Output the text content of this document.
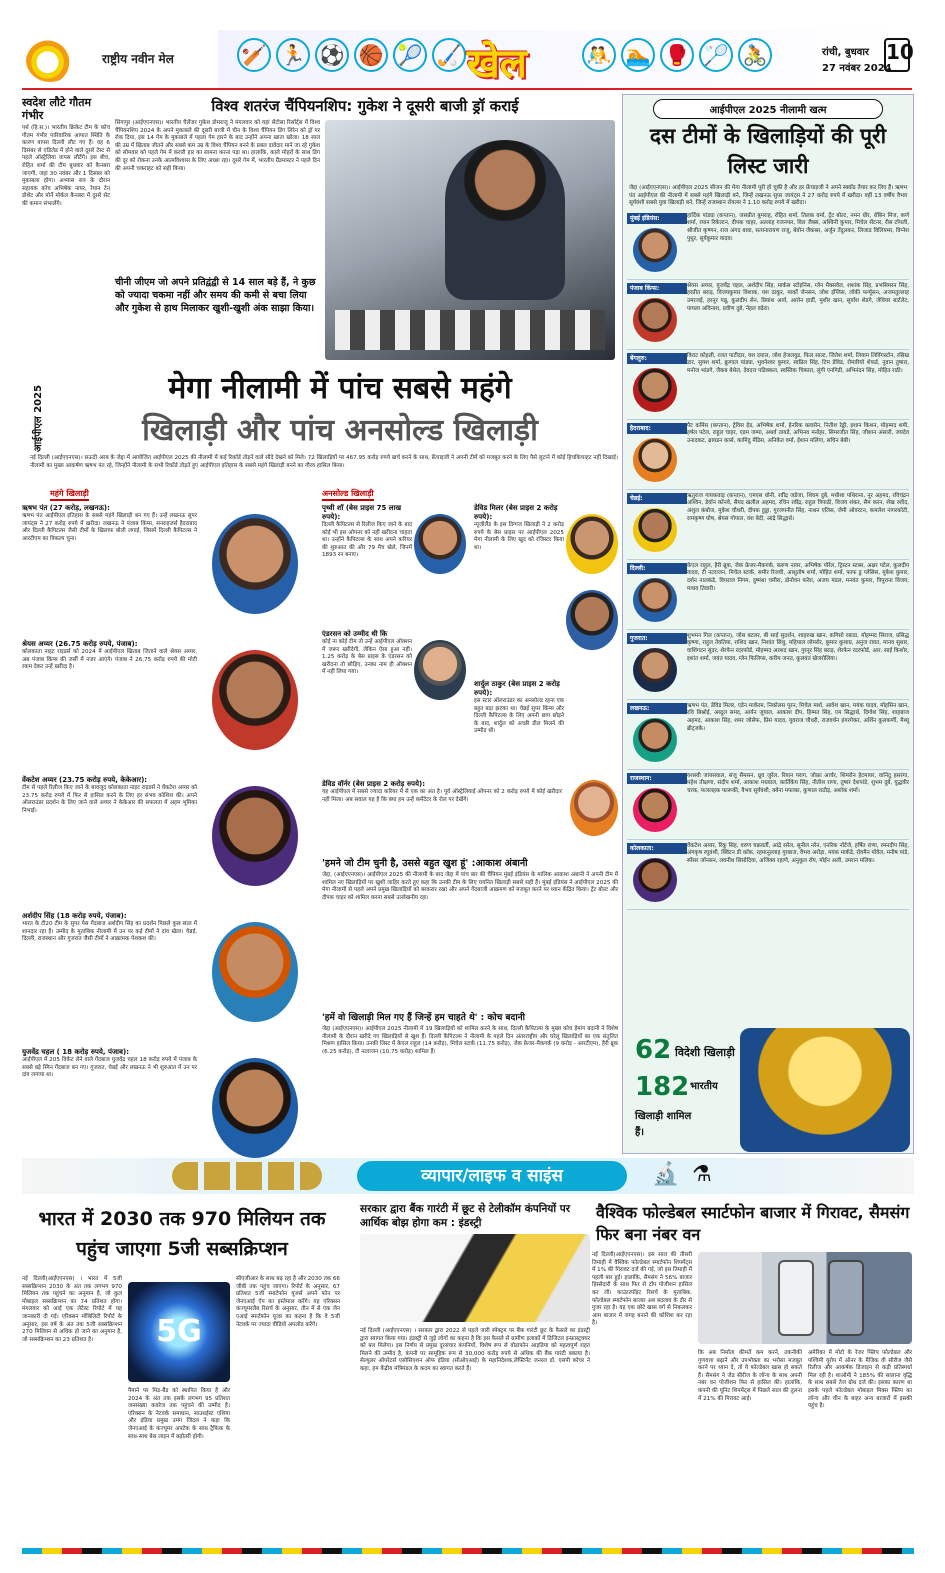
राष्ट्रीय नवीन मेल	🏏 🏃 ⚽ 🏀 🎾 🏑 खेल	🤼 🏊 🥊 🏸 🚴	रांची, बुधवार
27 नवंबर 2024
10
स्वदेश लौटे गौतम गंभीर
पर्थ (हि.स.)। भारतीय क्रिकेट टीम के कोच गौतम गंभीर पारिवारिक आपात स्थिति के कारण वापस दिल्ली लौट गए हैं। वह 6 दिसंबर से एडिलेड में होने वाले दूसरे टेस्ट से पहले ऑस्ट्रेलिया वापस लौटेंगे। इस बीच, रोहित शर्मा की टीम बुधवार को कैनबरा जाएगी, जहां 30 नवंबर और 1 दिसंबर को मुकाबला होगा। अभ्यास सत्र के दौरान सहायक कोच अभिषेक नायर, रेयान टेन डोशेट और मोर्ने मोर्कल कैनबरा में दुसरे सेट की कमान संभालेंगे।
विश्व शतरंज चैंपियनशिप: गुकेश ने दूसरी बाजी ड्रॉ कराई
सिंगापुर (आईएएनएस)। भारतीय चैलेंजर गुकेश डोमराजू ने मंगलवार को यहां सेंटोसा रिसॉर्ट्स में विश्व चैंपियनशिप 2024 के अपने मुकाबले की दूसरी बाजी में चीन के विश्व चैंपियन डिंग लिरेन को ड्रॉ पर रोक दिया, इस 14 गेम के मुकाबले में पहला गेम हारने के बाद उन्होंने अपना खाता खोला। 18 साल की उम्र में खिताब जीतने और सबसे कम उम्र के विश्व चैंपियन बनने के प्रबल दावेदार माने जा रहे गुकेश को सोमवार को पहले गेम में करारी हार का सामना करना पड़ा था। हालांकि, काले मोहरों के साथ डिंग की दूर को रोकना उनके आत्मविश्वास के लिए अच्छा रहा। दूसरे गेम में, भारतीय ग्रैंडमास्टर ने पहले दिन की अपनी चकराहट को सही किया।
चीनी जीएम जो अपने प्रतिद्वंद्वी से 14 साल बड़े हैं, ने कुछ को ज्यादा चकमा नहीं और समय की कमी से बचा लिया और गुकेश से हाथ मिलाकर खुशी-खुशी अंक साझा किया।
आईपीएल 2025	मेगा नीलामी में पांच सबसे महंगे
खिलाड़ी और पांच अनसोल्ड खिलाड़ी
नई दिल्ली (आईएएनएस)। सऊदी अरब के जेद्दा में आयोजित आईपीएल 2025 की नीलामी में कई रिकॉर्ड तोड़ने वाले सौदे देखने को मिले। 72 खिलाड़ियों पर 467.95 करोड़ रुपये खर्च करने के साथ, फ्रेंचाइजी ने अपनी टीमें को मजबूत करने के लिए पैसे लुटाने में कोई हिचकिचाहट नहीं दिखाई। नीलामी का मुख्य आकर्षण ऋषभ पंत रहे, जिन्होंने नीलामी के सभी रिकॉर्ड तोड़ते हुए आईपीएल इतिहास के सबसे महंगे खिलाड़ी बनने का गौरव हासिल किया।
महंगे खिलाड़ी	अनसोल्ड खिलाड़ी
ऋषभ पंत (27 करोड़, लखनऊ):
ऋषभ पंत आईपीएल इतिहास के सबसे महंगे खिलाड़ी बन गए हैं। उन्हें लखनऊ सुपर जायंट्स ने 27 करोड़ रुपये में खरीदा। लखनऊ ने पंजाब किंग्स, सनराइजर्स हैदराबाद और दिल्ली कैपिटल्स जैसी टीमों के खिलाफ बोली लगाई, जिसमें दिल्ली कैपिटल्स ने आरटीएम का विकल्प चुना।
श्रेयस अय्यर (26.75 करोड़ रुपये, पंजाब):
कोलकाता नाइट राइडर्स को 2024 में आईपीएल खिताब जिताने वाले श्रेयस अय्यर, अब पंजाब किंग्स की जर्सी में नजर आएंगे। पंजाब ने 26.75 करोड़ रुपये की मोटी रकम देकर उन्हें खरीदा है।
वेंकटेश अय्यर (23.75 करोड़ रुपये, केकेआर):
टीम से पहले रिलीज किए जाने के बावजूद कोलकाता नाइट राइडर्स ने वेंकटेश अय्यर को 23.75 करोड़ रुपये में फिर से हासिल करने के लिए हर संभव कोशिश की। अपने ऑलराउंडर प्रदर्शन के लिए जाने वाले अय्यर ने केकेआर की सफलता में अहम भूमिका निभाई।
अर्शदीप सिंह (18 करोड़ रुपये, पंजाब):
भारत के टी20 टीम के सुपर पेस गेंदबाज अर्शदीप सिंह का प्रदर्शन पिछले कुछ साल में शानदार रहा है। उम्मीद के मुताबिक नीलामी में उन पर कई टीमों ने दांव खेला। चेन्नई, दिल्ली, राजस्थान और गुजरात जैसी टीमों ने आक्रामक पेशकश की।
युजवेंद्र चहल ( 18 करोड़ रुपये, पंजाब):
आईपीएल में 205 विकेट लेने वाले गेंदबाज युजवेंद्र चहल 18 करोड़ रुपये में पंजाब के सबसे बड़े स्पिन गेंदबाज बन गए। गुजरात, चेन्नई और लखनऊ ने भी शुरुआत में उन पर दांव लगाया था।
पृथ्वी शॉ (बेस प्राइस 75 लाख रुपये):
दिल्ली कैपिटल्स से रिलीज किए जाने के बाद कोई भी इस ओपनर को नहीं खरीदना चाहता था। उन्होंने कैपिटल्स के साथ अपने करियर की शुरुआत की और 79 मैच खेले, जिनमें 1893 रन बनाए।
डेविड मिलर (बेस प्राइस 2 करोड़ रुपये):
न्यूजीलैंड के इस दिग्गज खिलाड़ी ने 2 करोड़ रुपये के बेस प्राइस पर आईपीएल 2025 मेगा नीलामी के लिए खुद को रजिस्टर किया था।
एंडरसन को उम्मीद थी कि
कोई ना कोई टीम तो उन्हें आईपीएल ऑक्शन में जरूर खरीदेगी, लेकिन ऐसा हुआ नहीं। 1.25 करोड़ के बेस प्राइस के एंडरसन को खरीदना तो छोड़िए, उनका नाम ही ऑक्शन में नहीं लिया गया।
शार्दुल ठाकुर (बेस प्राइस 2 करोड़ रुपये):
इस स्टार ऑलराउंडर का अनसोल्ड रहना एक बहुत बड़ा झटका था। चेन्नई सुपर किंग्स और दिल्ली कैपिटल्स के लिए अपनी छाप छोड़ने के बाद, शार्दुल को अच्छी डील मिलने की उम्मीद थी।
डेविड वॉर्नर (बेस प्राइस 2 करोड़ रुपये):
यह आईपीएल में सबसे ज्यादा करियर में से एक का अंत है। पूर्व ऑस्ट्रेलियाई ओपनर को 2 करोड़ रुपये में कोई खरीदार नहीं मिला। अब सवाल यह है कि क्या हम उन्हें कमेंटेटर के रोल पर देखेंगे।
'हमने जो टीम चुनी है, उससे बहुत खुश हूं' :आकाश अंबानी
जेद्दा, (आईएएनएस)। आईपीएल 2025 की नीलामी के बाद जेद्दा में पांच बार की चैंपियन मुंबई इंडियंस के मालिक आकाश अंबानी ने अपनी टीम में शामिल नए खिलाड़ियों पर खुशी जाहिर करते हुए कहा कि उनकी टीम के लिए चयनित खिलाड़ी सबसे सही हैं। मुंबई इंडियंस ने आईपीएल 2025 की मेगा नीलामी से पहले अपने प्रमुख खिलाड़ियों को बरकरार रखा और अपने गेंदबाजी आक्रमण को मजबूत करने पर ध्यान केंद्रित किया। ट्रेंट बोल्ट और दीपक चाहर को शामिल करना सबसे उल्लेखनीय रहा।
'हमें वो खिलाड़ी मिल गए हैं जिन्हें हम चाहते थे' : कोच बदानी
जेद्दा (आईएएनएस)। आईपीएल 2025 नीलामी में 19 खिलाड़ियों को शामिल करने के साथ, दिल्ली कैपिटल्स के मुख्य कोच हेमांग बदानी ने विशेष नीलामी के दौरान खरीदे गए खिलाड़ियों से खुश हैं। दिल्ली कैपिटल्स ने नीलामी के पहले दिन अंतरराष्ट्रीय और घरेलू खिलाड़ियों का एक संतुलित मिश्रण हासिल किया। उनकी लिस्ट में केएल राहुल (14 करोड़), मिचेल स्टार्क (11.75 करोड़), जेक फ्रेजर-मैकगर्क (9 करोड़ - आरटीएम), हैरी ब्रूक (6.25 करोड़), टी नटराजन (10.75 करोड़) शामिल हैं।
आईपीएल 2025 नीलामी खत्म
दस टीमों के खिलाड़ियों की पूरी लिस्ट जारी
जेद्दा (आईएएनएस)। आईपीएल 2025 सीजन की मेगा नीलामी पूरी हो चुकी है और हर फ्रेंचाइजी ने अपने स्क्वॉड तैयार कर लिए हैं। ऋषभ पंत आईपीएल की नीलामी में सबसे महंगे खिलाड़ी बने, जिन्हें लखनऊ सुपर जायंट्स ने 27 करोड़ रुपये में खरीदा। वहीं 13 वर्षीय वैभव सूर्यवंशी सबसे युवा खिलाड़ी बने, जिन्हें राजस्थान रॉयल्स ने 1.10 करोड़ रुपये में खरीदा।
मुंबई इंडियंस:	हार्दिक पांड्या (कप्तान), जसप्रीत बुमराह, रोहित शर्मा, तिलक वर्मा, ट्रेंट बोल्ट, नमन धीर, रॉबिन मिंज, कर्ण शर्मा, रयान रिकेल्टन, दीपक चाहर, अल्लाह गजनफर, विल जैक्स, अश्विनी कुमार, मिचेल सेंटनर, रीस टॉपली, श्रीजीत कृष्णन, राज अंगद बावा, सत्यनारायण राजू, बेवोन जैकब्स, अर्जुन तेंदुलकर, लिजाड विलियम्स, विग्नेश पुथुर, सूर्यकुमार यादव।
पंजाब किंग्स:	श्रेयस अय्यर, युजवेंद्र चहल, अर्शदीप सिंह, मार्कस स्टोइनिस, ग्लेन मैक्सवेल, शशांक सिंह, प्रभसिमरन सिंह, हरप्रीत बराड़, विजयकुमार विशाक, यश ठाकुर, मार्को जेनसन, जोश इंग्लिस, लॉकी फर्ग्यूसन, अजमतुल्लाह उमरजई, हरनूर पन्नू, कुलदीप सेन, प्रियांश आर्य, आरोन हार्डी, मुशीर खान, सूर्यांश शेडगे, जेवियर बार्टलेट, पायला अविनाश, प्रवीण दुबे, नेहल वढेरा।
बेंगलुरु:	विराट कोहली, रजत पाटीदार, यश दयाल, जोश हेजलवुड, फिल साल्ट, जितेश शर्मा, लियाम लिविंगस्टोन, रसिख डार, सुयश शर्मा, क्रुणाल पांड्या, भुवनेश्वर कुमार, स्वप्निल सिंह, टिम डेविड, रोमारियो शेफर्ड, नुवान तुषारा, मनोज भांडगे, जैकब बेथेल, देवदत्त पडिक्कल, स्वस्तिक चिकारा, लुंगी एनगिडी, अभिनंदन सिंह, मोहित राठी।
हैदराबाद:	पैट कमिंस (कप्तान), ट्रेविस हेड, अभिषेक शर्मा, हेनरिक क्लासेन, नितीश रेड्डी, इशान किशन, मोहम्मद शमी, हर्षल पटेल, राहुल चाहर, एडम जम्पा, अथर्व तायडे, अभिनव मनोहर, सिमरजीत सिंह, जीशान अंसारी, जयदेव उनादकट, ब्रायडन कार्स, कामिंदु मेंडिस, अनिकेत वर्मा, ईशान मलिंगा, सचिन बेबी।
चेन्नई:	ऋतुराज गायकवाड़ (कप्तान), एमएस धोनी, रवींद्र जडेजा, शिवम दुबे, मथीशा पथिराना, नूर अहमद, रविचंद्रन अश्विन, डेवॉन कॉनवे, सैयद खलील अहमद, रचिन रवींद्र, राहुल त्रिपाठी, विजय शंकर, सैम करन, शेख रशीद, अंशुल कंबोज, मुकेश चौधरी, दीपक हुड्डा, गुरजपनीत सिंह, नाथन एलिस, जेमी ओवरटन, कमलेश नागरकोटी, रामकृष्ण घोष, श्रेयस गोपाल, वंश बेदी, आंद्रे सिद्धार्थ।
दिल्ली:	केएल राहुल, हैरी ब्रूक, जेक फ्रेजर-मैकगर्क, करुण नायर, अभिषेक पोरेल, ट्रिस्टन स्टब्स, अक्षर पटेल, कुलदीप यादव, टी नटराजन, मिचेल स्टार्क, समीर रिजवी, आशुतोष शर्मा, मोहित शर्मा, फाफ डु प्लेसिस, मुकेश कुमार, दर्शन नालकंडे, विपराज निगम, दुष्मंथा चमीरा, डोनोवन फरेरा, अजय मंडल, मनवंत कुमार, त्रिपुराना विजय, माधव तिवारी।
गुजरात:	शुभमन गिल (कप्तान), जोस बटलर, बी साई सुदर्शन, शाहरुख खान, कगिसो रबाडा, मोहम्मद सिराज, प्रसिद्ध कृष्णा, राहुल तेवतिया, राशिद खान, निशांत सिंधु, महिपाल लोमरोर, कुमार कुशाग्र, अनुज रावत, मानव सुथार, वाशिंगटन सुंदर, शेरफेन रदरफोर्ड, मोहम्मद अरशद खान, गुरनूर सिंह बराड़, शेरफेन रदरफोर्ड, आर. साई किशोर, इशांत शर्मा, जयंत यादव, ग्लेन फिलिप्स, करीम जनत, कुलवंत खेजरोलिया।
लखनऊ:	ऋषभ पंत, डेविड मिलर, एडेन मार्करम, निकोलस पूरन, मिचेल मार्श, आवेश खान, मयंक यादव, मोहसिन खान, रवि बिश्नोई, अब्दुल समद, आर्यन जुयाल, आकाश दीप, हिम्मत सिंह, एम सिद्धार्थ, दिग्वेश सिंह, शाहबाज अहमद, आकाश सिंह, शमर जोसेफ, प्रिंस यादव, युवराज चौधरी, राजवर्धन हंगरगेकर, अर्शिन कुलकर्णी, मैथ्यू ब्रीट्जके।
राजस्थान:	यशस्वी जायसवाल, संजू सैमसन, ध्रुव जुरेल, रियान पराग, जोफ्रा आर्चर, शिमरोन हेटमायर, वानिंदु हसरंगा, महेश तीक्षणा, संदीप शर्मा, आकाश मधवाल, कार्तिकेय सिंह, नीतीश राणा, तुषार देशपांडे, शुभम दुबे, युद्धवीर चरक, फजलहक फारूकी, वैभव सूर्यवंशी, क्वेना मफाका, कुणाल राठौड़, अशोक शर्मा।
कोलकाता:	वेंकटेश अय्यर, रिंकू सिंह, वरुण चक्रवर्ती, आंद्रे रसेल, सुनील नरेन, एनरिक नॉर्टजे, हर्षित राणा, रमनदीप सिंह, अंगकृष रघुवंशी, क्विंटन डी कॉक, रहमानुल्लाह गुरबाज, वैभव अरोड़ा, मयंक मार्कंडे, रोवमैन पॉवेल, मनीष पांडे, स्पेंसर जॉनसन, लवनीथ सिसोदिया, अजिंक्य रहाणे, अनुकूल रॉय, मोईन अली, उमरान मलिक।
62 विदेशी खिलाड़ी
182 भारतीय
खिलाड़ी शामिल
हैं।
व्यापार/लाइफ व साइंस	🔬 ⚗
भारत में 2030 तक 970 मिलियन तक पहुंच जाएगा 5जी सब्सक्रिप्शन
नई दिल्ली(आईएएनएस) । भारत में 5जी सब्सक्रिप्शन 2030 के अंत तक लगभग 970 मिलियन तक पहुंचने का अनुमान है, जो कुल मोबाइल सब्सक्रिप्शन का 74 प्रतिशत होगा। मंगलवार को आई एक लेटेस्ट रिपोर्ट में यह जानकारी दी गई। एरिक्सन मोबिलिटी रिपोर्ट के अनुसार, इस वर्ष के अंत तक 5जी सब्सक्रिप्शन 270 मिलियन से अधिक हो जाने का अनुमान है, जो सब्सक्रिप्शन का 23 प्रतिशत है।	5G
पैमाने पर मिड-बैंड को स्थापित किया है और 2024 के अंत तक इसके लगभग 95 प्रतिशत जनसंख्या कवरेज तक पहुंचने की उम्मीद है। एरिक्सन के नेटवर्क समाधान, साउथईस्ट एशिया और इंडिया प्रमुख उमंग जिंदल ने कहा कि जेनएआई के कंज्यूमर अपटेक के साथ ट्रैफिक के साथ-साथ बेस लाइन में बढ़ोतरी होगी।
सीएजीआर के साथ बढ़ रहा है और 2030 तक 66 जीबी तक पहुंच जाएगा। रिपोर्ट के अनुसार, 67 प्रतिशत 5जी स्मार्टफोन यूजर्स अपने फोन पर जेनएआई ऐप का इस्तेमाल करेंगे। यह एरिक्सन कंज्यूमरलैब रिसर्च के अनुसार, तीन में से एक जेन एआई स्मार्टफोन यूजर का कहना है कि वे 5जी नेटवर्क पर ज्यादा वीडियो अपलोड करेंगे।
सरकार द्वारा बैंक गारंटी में छूट से टेलीकॉम कंपनियों पर आर्थिक बोझ होगा कम : इंडस्ट्री
नई दिल्ली (आईएएनएस) । सरकार द्वारा 2022 से पहले जारी स्पेक्ट्रम पर बैंक गारंटी छूट के फैसले का इंडस्ट्री द्वारा स्वागत किया गया। इंडस्ट्री से जुड़े लोगों का कहना है कि इस फैसले से ग्रामीण इलाकों में डिजिटल इन्फ्रास्ट्रक्चर को बल मिलेगा। इस निर्णय से प्रमुख दूरसंचार कंपनियों, विशेष रूप से वोडाफोन आइडिया को महत्वपूर्ण राहत मिलने की उम्मीद है, कंपनी पर सामूहिक रूप से 30,000 करोड़ रुपये से अधिक की बैंक गारंटी बकाया है। सेल्युलर ऑपरेटर्स एसोसिएशन ऑफ इंडिया (सीओएआई) के महानिदेशक,लेफ्टिनेंट जनरल डॉ. एसपी कोचर ने कहा, हम केंद्रीय मंत्रिमंडल के कदम का स्वागत करते हैं।
वैश्विक फोल्डेबल स्मार्टफोन बाजार में गिरावट, सैमसंग फिर बना नंबर वन
नई दिल्ली(आईएएनएस)। इस साल की तीसरी तिमाही में वैश्विक फोल्डेबल स्मार्टफोन शिपमेंट्स में 1% की गिरावट दर्ज की गई, जो इस तिमाही में पहली बार हुई। हालांकि, सैमसंग ने 56% बाजार हिस्सेदारी के साथ फिर से टॉप पोजीशन हासिल कर ली। काउंटरपॉइंट रिसर्च के मुताबिक, फोल्डेबल स्मार्टफोन बाजार अब बदलाव के दौर से गुजर रहा है। यह एक छोटे खास वर्ग से निकलकर आम बाजार में जगह बनाने की कोशिश कर रहा है।
कि अब निर्माता कीमतें कम करने, तकनीकी गुणवत्ता बढ़ाने और उपभोक्ता का भरोसा मजबूत करने पर ध्यान दे, तो ये फोल्डेबल खास हो सकते हैं। सैमसंग ने जेड सीरीज के लॉन्च के साथ अपनी नंबर वन पोजीशन फिर से हासिल की। हालांकि, कंपनी की यूनिट शिपमेंट्स में पिछले साल की तुलना में 21% की गिरावट आई।
अमेरिका में मोटो के रेजर फ्लिप फोल्डेबल और पश्चिमी यूरोप में ऑनर के मैजिक वी सीरीज जैसे रिलीज और आकर्षक डिजाइन से कड़ी प्रतिस्पर्धा मिल रही है। शाओमी ने 185% की सालाना वृद्धि के साथ सबसे तेज ग्रोथ दर्ज की। इसका कारण था इसके पहले फोल्डेबल मोबाइल मिक्स फ्लिप का लॉन्च और चीन के बाहर अन्य बाजारों में इसकी पहुंच है।
